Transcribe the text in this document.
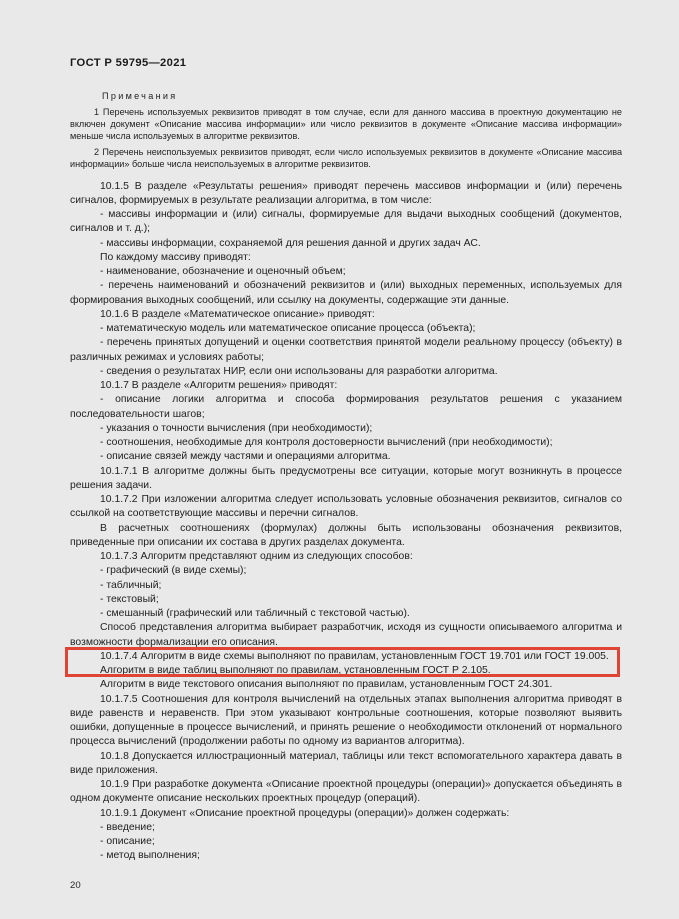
ГОСТ Р 59795—2021

Примечания

1 Перечень используемых реквизитов приводят в том случае, если для данного массива в проектную документацию не включен документ «Описание массива информации» или число реквизитов в документе «Описание массива информации» меньше числа используемых в алгоритме реквизитов.

2 Перечень неиспользуемых реквизитов приводят, если число используемых реквизитов в документе «Описание массива информации» больше числа неиспользуемых в алгоритме реквизитов.

10.1.5 В разделе «Результаты решения» приводят перечень массивов информации и (или) перечень сигналов, формируемых в результате реализации алгоритма, в том числе:

- массивы информации и (или) сигналы, формируемые для выдачи выходных сообщений (документов, сигналов и т. д.);

- массивы информации, сохраняемой для решения данной и других задач АС.

По каждому массиву приводят:

- наименование, обозначение и оценочный объем;

- перечень наименований и обозначений реквизитов и (или) выходных переменных, используемых для формирования выходных сообщений, или ссылку на документы, содержащие эти данные.

10.1.6 В разделе «Математическое описание» приводят:

- математическую модель или математическое описание процесса (объекта);

- перечень принятых допущений и оценки соответствия принятой модели реальному процессу (объекту) в различных режимах и условиях работы;

- сведения о результатах НИР, если они использованы для разработки алгоритма.

10.1.7 В разделе «Алгоритм решения» приводят:

- описание логики алгоритма и способа формирования результатов решения с указанием последовательности шагов;

- указания о точности вычисления (при необходимости);

- соотношения, необходимые для контроля достоверности вычислений (при необходимости);

- описание связей между частями и операциями алгоритма.

10.1.7.1 В алгоритме должны быть предусмотрены все ситуации, которые могут возникнуть в процессе решения задачи.

10.1.7.2 При изложении алгоритма следует использовать условные обозначения реквизитов, сигналов со ссылкой на соответствующие массивы и перечни сигналов.

В расчетных соотношениях (формулах) должны быть использованы обозначения реквизитов, приведенные при описании их состава в других разделах документа.

10.1.7.3 Алгоритм представляют одним из следующих способов:

- графический (в виде схемы);

- табличный;

- текстовый;

- смешанный (графический или табличный с текстовой частью).

Способ представления алгоритма выбирает разработчик, исходя из сущности описываемого алгоритма и возможности формализации его описания.

10.1.7.4 Алгоритм в виде схемы выполняют по правилам, установленным ГОСТ 19.701 или ГОСТ 19.005.

Алгоритм в виде таблиц выполняют по правилам, установленным ГОСТ Р 2.105.

Алгоритм в виде текстового описания выполняют по правилам, установленным ГОСТ 24.301.

10.1.7.5 Соотношения для контроля вычислений на отдельных этапах выполнения алгоритма приводят в виде равенств и неравенств. При этом указывают контрольные соотношения, которые позволяют выявить ошибки, допущенные в процессе вычислений, и принять решение о необходимости отклонений от нормального процесса вычислений (продолжении работы по одному из вариантов алгоритма).

10.1.8 Допускается иллюстрационный материал, таблицы или текст вспомогательного характера давать в виде приложения.

10.1.9 При разработке документа «Описание проектной процедуры (операции)» допускается объединять в одном документе описание нескольких проектных процедур (операций).

10.1.9.1 Документ «Описание проектной процедуры (операции)» должен содержать:

- введение;

- описание;

- метод выполнения;

20
